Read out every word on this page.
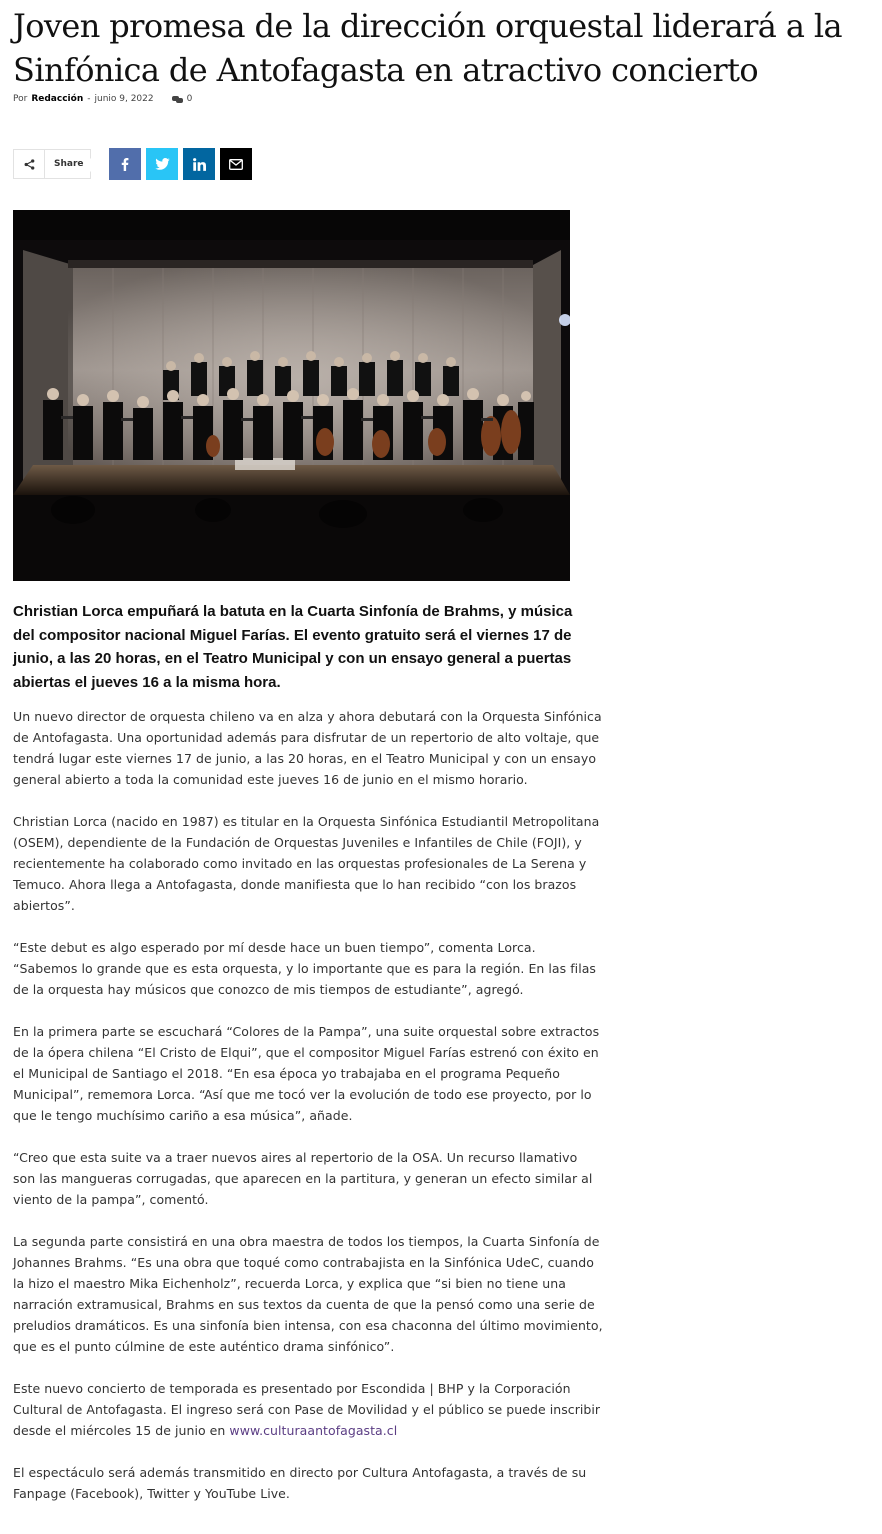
Joven promesa de la dirección orquestal liderará a la Sinfónica de Antofagasta en atractivo concierto
Por Redacción - junio 9, 2022	0
Share

Christian Lorca empuñará la batuta en la Cuarta Sinfonía de Brahms, y música del compositor nacional Miguel Farías. El evento gratuito será el viernes 17 de junio, a las 20 horas, en el Teatro Municipal y con un ensayo general a puertas abiertas el jueves 16 a la misma hora.

Un nuevo director de orquesta chileno va en alza y ahora debutará con la Orquesta Sinfónica de Antofagasta. Una oportunidad además para disfrutar de un repertorio de alto voltaje, que tendrá lugar este viernes 17 de junio, a las 20 horas, en el Teatro Municipal y con un ensayo general abierto a toda la comunidad este jueves 16 de junio en el mismo horario.

Christian Lorca (nacido en 1987) es titular en la Orquesta Sinfónica Estudiantil Metropolitana (OSEM), dependiente de la Fundación de Orquestas Juveniles e Infantiles de Chile (FOJI), y recientemente ha colaborado como invitado en las orquestas profesionales de La Serena y Temuco. Ahora llega a Antofagasta, donde manifiesta que lo han recibido “con los brazos abiertos”.

“Este debut es algo esperado por mí desde hace un buen tiempo”, comenta Lorca. “Sabemos lo grande que es esta orquesta, y lo importante que es para la región. En las filas de la orquesta hay músicos que conozco de mis tiempos de estudiante”, agregó.

En la primera parte se escuchará “Colores de la Pampa”, una suite orquestal sobre extractos de la ópera chilena “El Cristo de Elqui”, que el compositor Miguel Farías estrenó con éxito en el Municipal de Santiago el 2018. “En esa época yo trabajaba en el programa Pequeño Municipal”, rememora Lorca. “Así que me tocó ver la evolución de todo ese proyecto, por lo que le tengo muchísimo cariño a esa música”, añade.

“Creo que esta suite va a traer nuevos aires al repertorio de la OSA. Un recurso llamativo son las mangueras corrugadas, que aparecen en la partitura, y generan un efecto similar al viento de la pampa”, comentó.

La segunda parte consistirá en una obra maestra de todos los tiempos, la Cuarta Sinfonía de Johannes Brahms. “Es una obra que toqué como contrabajista en la Sinfónica UdeC, cuando la hizo el maestro Mika Eichenholz”, recuerda Lorca, y explica que “si bien no tiene una narración extramusical, Brahms en sus textos da cuenta de que la pensó como una serie de preludios dramáticos. Es una sinfonía bien intensa, con esa chaconna del último movimiento, que es el punto cúlmine de este auténtico drama sinfónico”.

Este nuevo concierto de temporada es presentado por Escondida | BHP y la Corporación Cultural de Antofagasta. El ingreso será con Pase de Movilidad y el público se puede inscribir desde el miércoles 15 de junio en www.culturaantofagasta.cl

El espectáculo será además transmitido en directo por Cultura Antofagasta, a través de su Fanpage (Facebook), Twitter y YouTube Live.
